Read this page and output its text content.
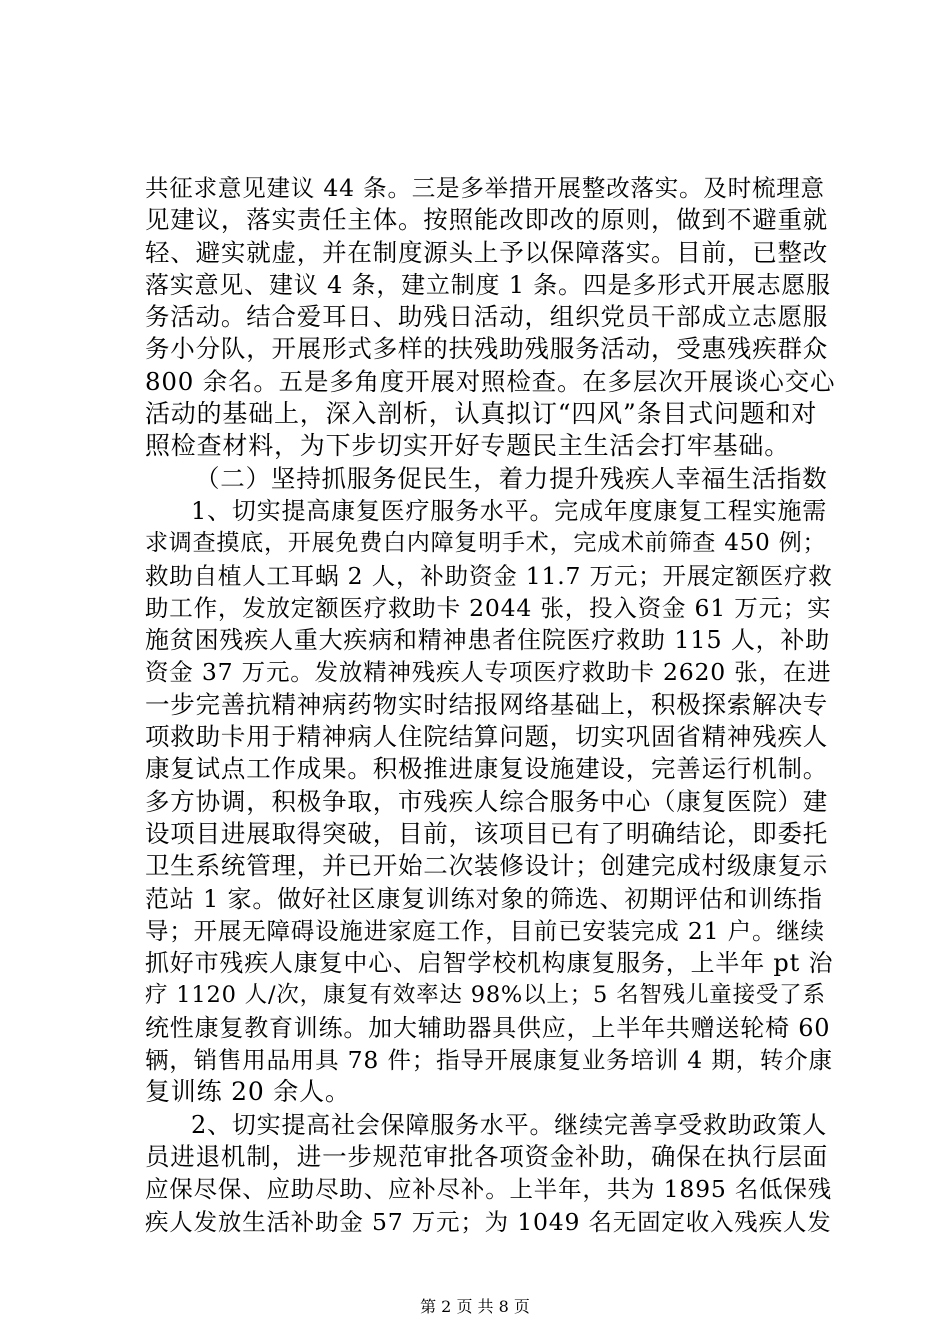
共征求意见建议 44 条。三是多举措开展整改落实。及时梳理意
见建议，落实责任主体。按照能改即改的原则，做到不避重就
轻、避实就虚，并在制度源头上予以保障落实。目前，已整改
落实意见、建议 4 条，建立制度 1 条。四是多形式开展志愿服
务活动。结合爱耳日、助残日活动，组织党员干部成立志愿服
务小分队，开展形式多样的扶残助残服务活动，受惠残疾群众
800 余名。五是多角度开展对照检查。在多层次开展谈心交心
活动的基础上，深入剖析，认真拟订“四风”条目式问题和对
照检查材料，为下步切实开好专题民主生活会打牢基础。
（二）坚持抓服务促民生，着力提升残疾人幸福生活指数
1、切实提高康复医疗服务水平。完成年度康复工程实施需
求调查摸底，开展免费白内障复明手术，完成术前筛查 450 例；
救助自植人工耳蜗 2 人，补助资金 11.7 万元；开展定额医疗救
助工作，发放定额医疗救助卡 2044 张，投入资金 61 万元；实
施贫困残疾人重大疾病和精神患者住院医疗救助 115 人，补助
资金 37 万元。发放精神残疾人专项医疗救助卡 2620 张，在进
一步完善抗精神病药物实时结报网络基础上，积极探索解决专
项救助卡用于精神病人住院结算问题，切实巩固省精神残疾人
康复试点工作成果。积极推进康复设施建设，完善运行机制。
多方协调，积极争取，市残疾人综合服务中心（康复医院）建
设项目进展取得突破，目前，该项目已有了明确结论，即委托
卫生系统管理，并已开始二次装修设计；创建完成村级康复示
范站 1 家。做好社区康复训练对象的筛选、初期评估和训练指
导；开展无障碍设施进家庭工作，目前已安装完成 21 户。继续
抓好市残疾人康复中心、启智学校机构康复服务，上半年 pt 治
疗 1120 人/次，康复有效率达 98%以上；5 名智残儿童接受了系
统性康复教育训练。加大辅助器具供应，上半年共赠送轮椅 60
辆，销售用品用具 78 件；指导开展康复业务培训 4 期，转介康
复训练 20 余人。
2、切实提高社会保障服务水平。继续完善享受救助政策人
员进退机制，进一步规范审批各项资金补助，确保在执行层面
应保尽保、应助尽助、应补尽补。上半年，共为 1895 名低保残
疾人发放生活补助金 57 万元；为 1049 名无固定收入残疾人发
第 2 页 共 8 页
